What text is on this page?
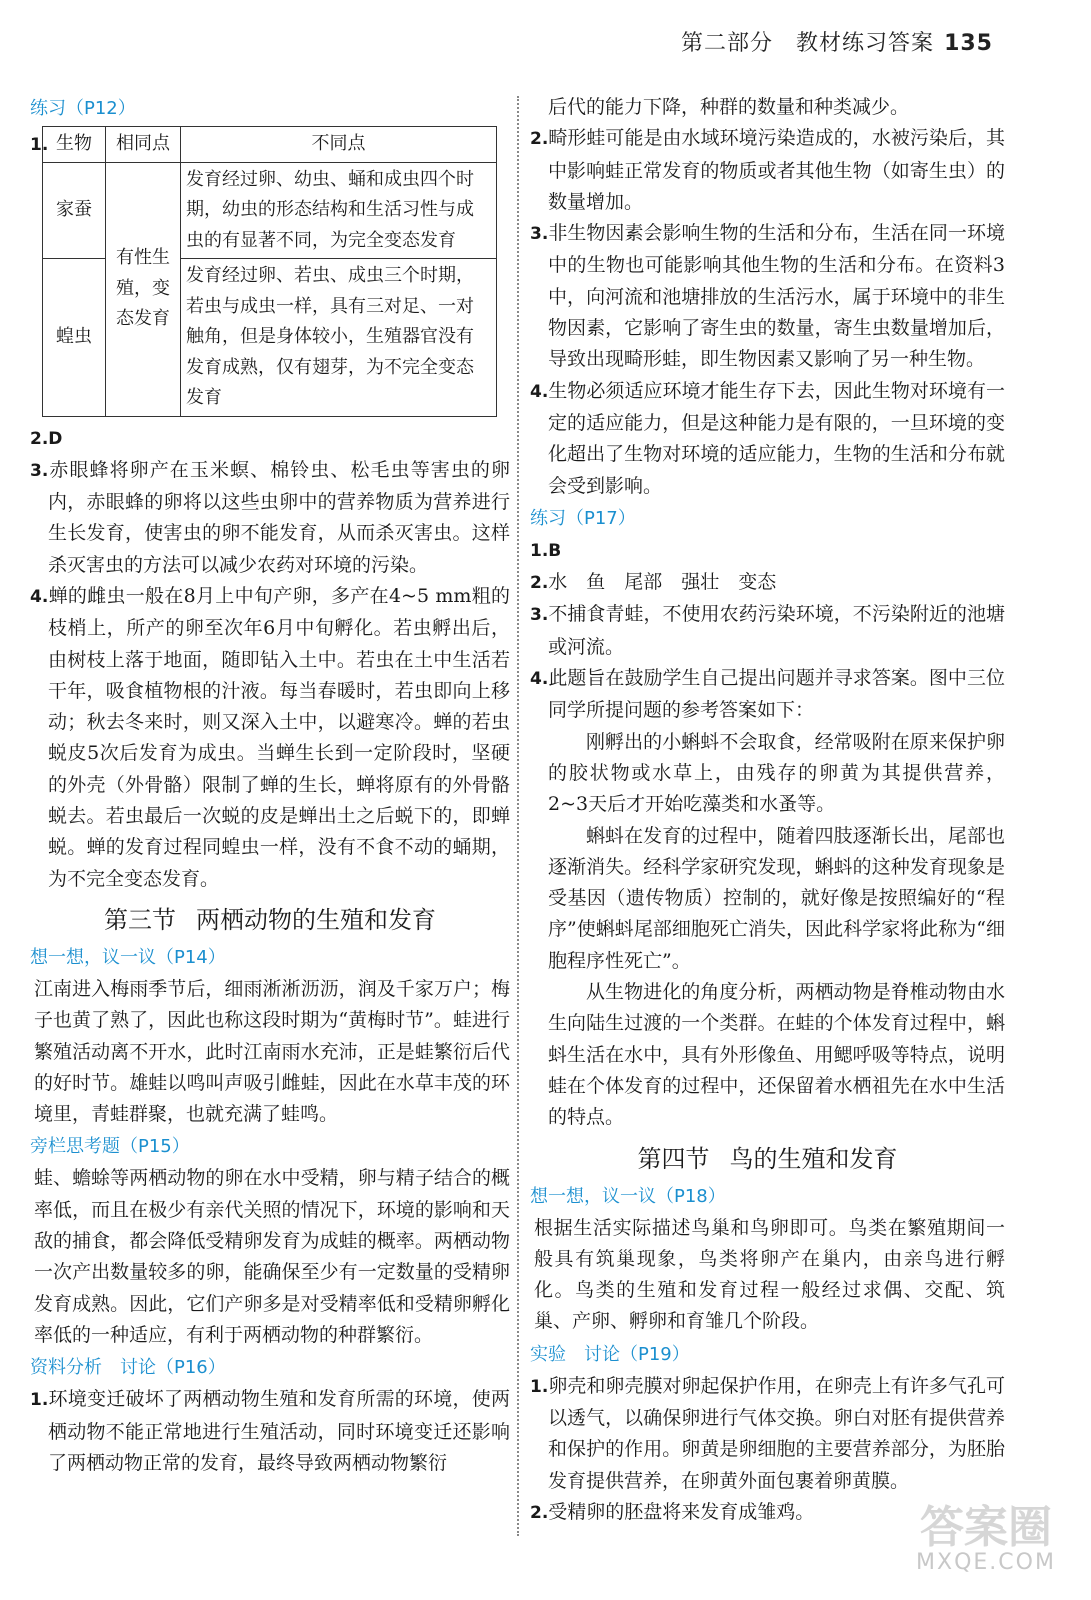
第二部分　教材练习答案 135
练习（P12）
1. 生物	相同点	不同点
家蚕	有性生殖，变态发育	发育经过卵、幼虫、蛹和成虫四个时期，幼虫的形态结构和生活习性与成虫的有显著不同，为完全变态发育
蝗虫		发育经过卵、若虫、成虫三个时期，若虫与成虫一样，具有三对足、一对触角，但是身体较小，生殖器官没有发育成熟，仅有翅芽，为不完全变态发育

2.D

3.赤眼蜂将卵产在玉米螟、棉铃虫、松毛虫等害虫的卵内，赤眼蜂的卵将以这些虫卵中的营养物质为营养进行生长发育，使害虫的卵不能发育，从而杀灭害虫。这样杀灭害虫的方法可以减少农药对环境的污染。

4.蝉的雌虫一般在8月上中旬产卵，多产在4~5 mm粗的枝梢上，所产的卵至次年6月中旬孵化。若虫孵出后，由树枝上落于地面，随即钻入土中。若虫在土中生活若干年，吸食植物根的汁液。每当春暖时，若虫即向上移动；秋去冬来时，则又深入土中，以避寒冷。蝉的若虫蜕皮5次后发育为成虫。当蝉生长到一定阶段时，坚硬的外壳（外骨骼）限制了蝉的生长，蝉将原有的外骨骼蜕去。若虫最后一次蜕的皮是蝉出土之后蜕下的，即蝉蜕。蝉的发育过程同蝗虫一样，没有不食不动的蛹期，为不完全变态发育。

第三节 两栖动物的生殖和发育
想一想，议一议（P14）

江南进入梅雨季节后，细雨淅淅沥沥，润及千家万户；梅子也黄了熟了，因此也称这段时期为“黄梅时节”。蛙进行繁殖活动离不开水，此时江南雨水充沛，正是蛙繁衍后代的好时节。雄蛙以鸣叫声吸引雌蛙，因此在水草丰茂的环境里，青蛙群聚，也就充满了蛙鸣。

旁栏思考题（P15）

蛙、蟾蜍等两栖动物的卵在水中受精，卵与精子结合的概率低，而且在极少有亲代关照的情况下，环境的影响和天敌的捕食，都会降低受精卵发育为成蛙的概率。两栖动物一次产出数量较多的卵，能确保至少有一定数量的受精卵发育成熟。因此，它们产卵多是对受精率低和受精卵孵化率低的一种适应，有利于两栖动物的种群繁衍。

资料分析　讨论（P16）

1.环境变迁破坏了两栖动物生殖和发育所需的环境，使两栖动物不能正常地进行生殖活动，同时环境变迁还影响了两栖动物正常的发育，最终导致两栖动物繁衍

后代的能力下降，种群的数量和种类减少。

2.畸形蛙可能是由水域环境污染造成的，水被污染后，其中影响蛙正常发育的物质或者其他生物（如寄生虫）的数量增加。

3.非生物因素会影响生物的生活和分布，生活在同一环境中的生物也可能影响其他生物的生活和分布。在资料3中，向河流和池塘排放的生活污水，属于环境中的非生物因素，它影响了寄生虫的数量，寄生虫数量增加后，导致出现畸形蛙，即生物因素又影响了另一种生物。

4.生物必须适应环境才能生存下去，因此生物对环境有一定的适应能力，但是这种能力是有限的，一旦环境的变化超出了生物对环境的适应能力，生物的生活和分布就会受到影响。

练习（P17）

1.B

2.水　鱼　尾部　强壮　变态

3.不捕食青蛙，不使用农药污染环境，不污染附近的池塘或河流。

4.此题旨在鼓励学生自己提出问题并寻求答案。图中三位同学所提问题的参考答案如下：

刚孵出的小蝌蚪不会取食，经常吸附在原来保护卵的胶状物或水草上，由残存的卵黄为其提供营养，2~3天后才开始吃藻类和水蚤等。

蝌蚪在发育的过程中，随着四肢逐渐长出，尾部也逐渐消失。经科学家研究发现，蝌蚪的这种发育现象是受基因（遗传物质）控制的，就好像是按照编好的“程序”使蝌蚪尾部细胞死亡消失，因此科学家将此称为“细胞程序性死亡”。

从生物进化的角度分析，两栖动物是脊椎动物由水生向陆生过渡的一个类群。在蛙的个体发育过程中，蝌蚪生活在水中，具有外形像鱼、用鳃呼吸等特点，说明蛙在个体发育的过程中，还保留着水栖祖先在水中生活的特点。

第四节 鸟的生殖和发育
想一想，议一议（P18）

根据生活实际描述鸟巢和鸟卵即可。鸟类在繁殖期间一般具有筑巢现象，鸟类将卵产在巢内，由亲鸟进行孵化。鸟类的生殖和发育过程一般经过求偶、交配、筑巢、产卵、孵卵和育雏几个阶段。

实验　讨论（P19）

1.卵壳和卵壳膜对卵起保护作用，在卵壳上有许多气孔可以透气，以确保卵进行气体交换。卵白对胚有提供营养和保护的作用。卵黄是卵细胞的主要营养部分，为胚胎发育提供营养，在卵黄外面包裹着卵黄膜。

2.受精卵的胚盘将来发育成雏鸡。	答案圈
MXQE.COM
